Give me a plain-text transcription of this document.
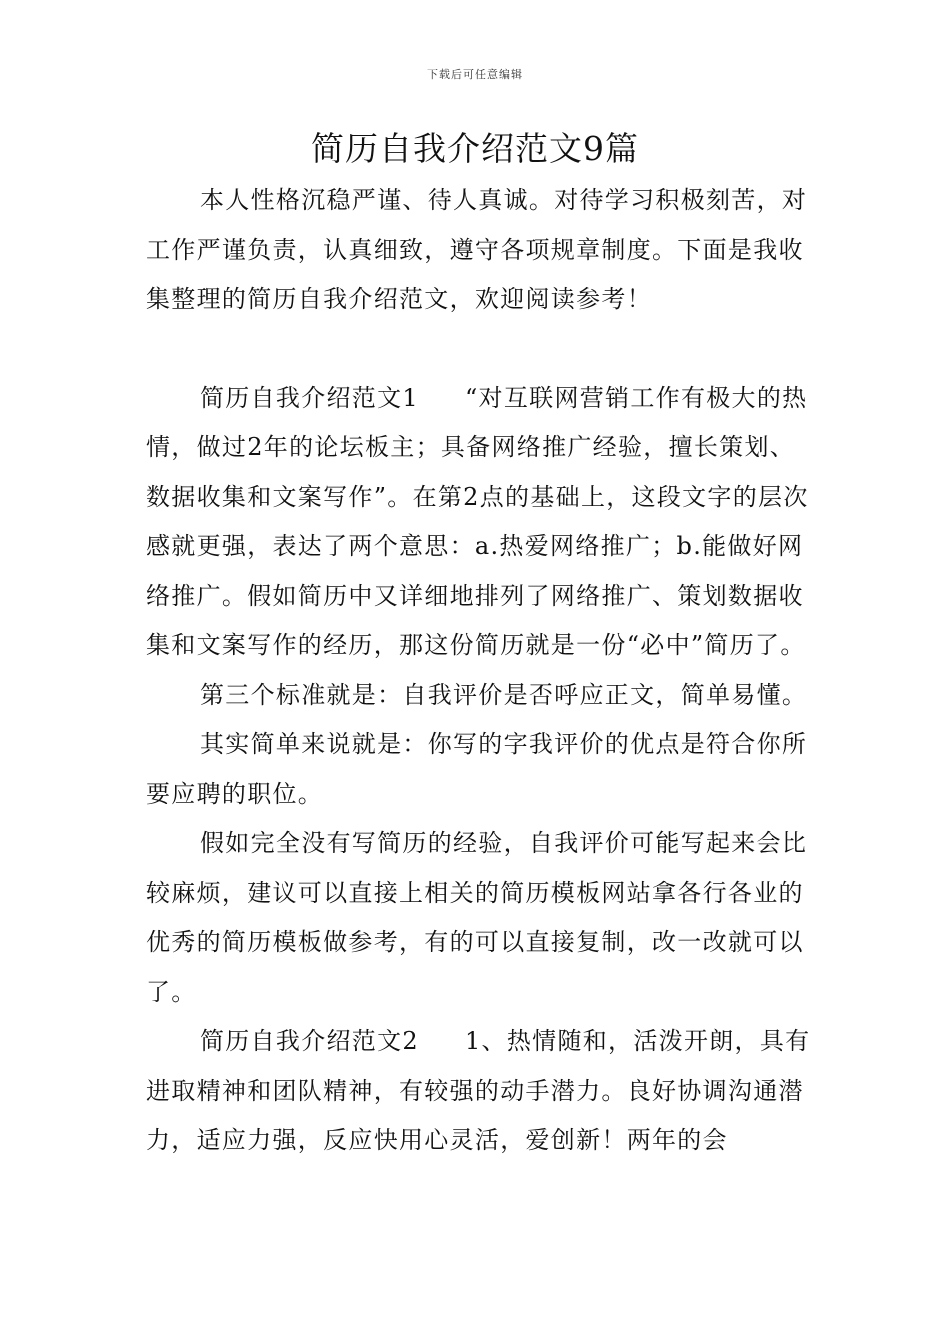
下载后可任意编辑
简历自我介绍范文9篇

本人性格沉稳严谨、待人真诚。对待学习积极刻苦，对工作严谨负责，认真细致，遵守各项规章制度。下面是我收集整理的简历自我介绍范文，欢迎阅读参考！

简历自我介绍范文1 “对互联网营销工作有极大的热情，做过2年的论坛板主；具备网络推广经验，擅长策划、数据收集和文案写作”。在第2点的基础上，这段文字的层次感就更强，表达了两个意思：a.热爱网络推广；b.能做好网络推广。假如简历中又详细地排列了网络推广、策划数据收集和文案写作的经历，那这份简历就是一份“必中”简历了。

第三个标准就是：自我评价是否呼应正文，简单易懂。

其实简单来说就是：你写的字我评价的优点是符合你所要应聘的职位。

假如完全没有写简历的经验，自我评价可能写起来会比较麻烦，建议可以直接上相关的简历模板网站拿各行各业的优秀的简历模板做参考，有的可以直接复制，改一改就可以了。

简历自我介绍范文2 1、热情随和，活泼开朗，具有进取精神和团队精神，有较强的动手潜力。良好协调沟通潜力，适应力强，反应快用心灵活，爱创新！两年的会
